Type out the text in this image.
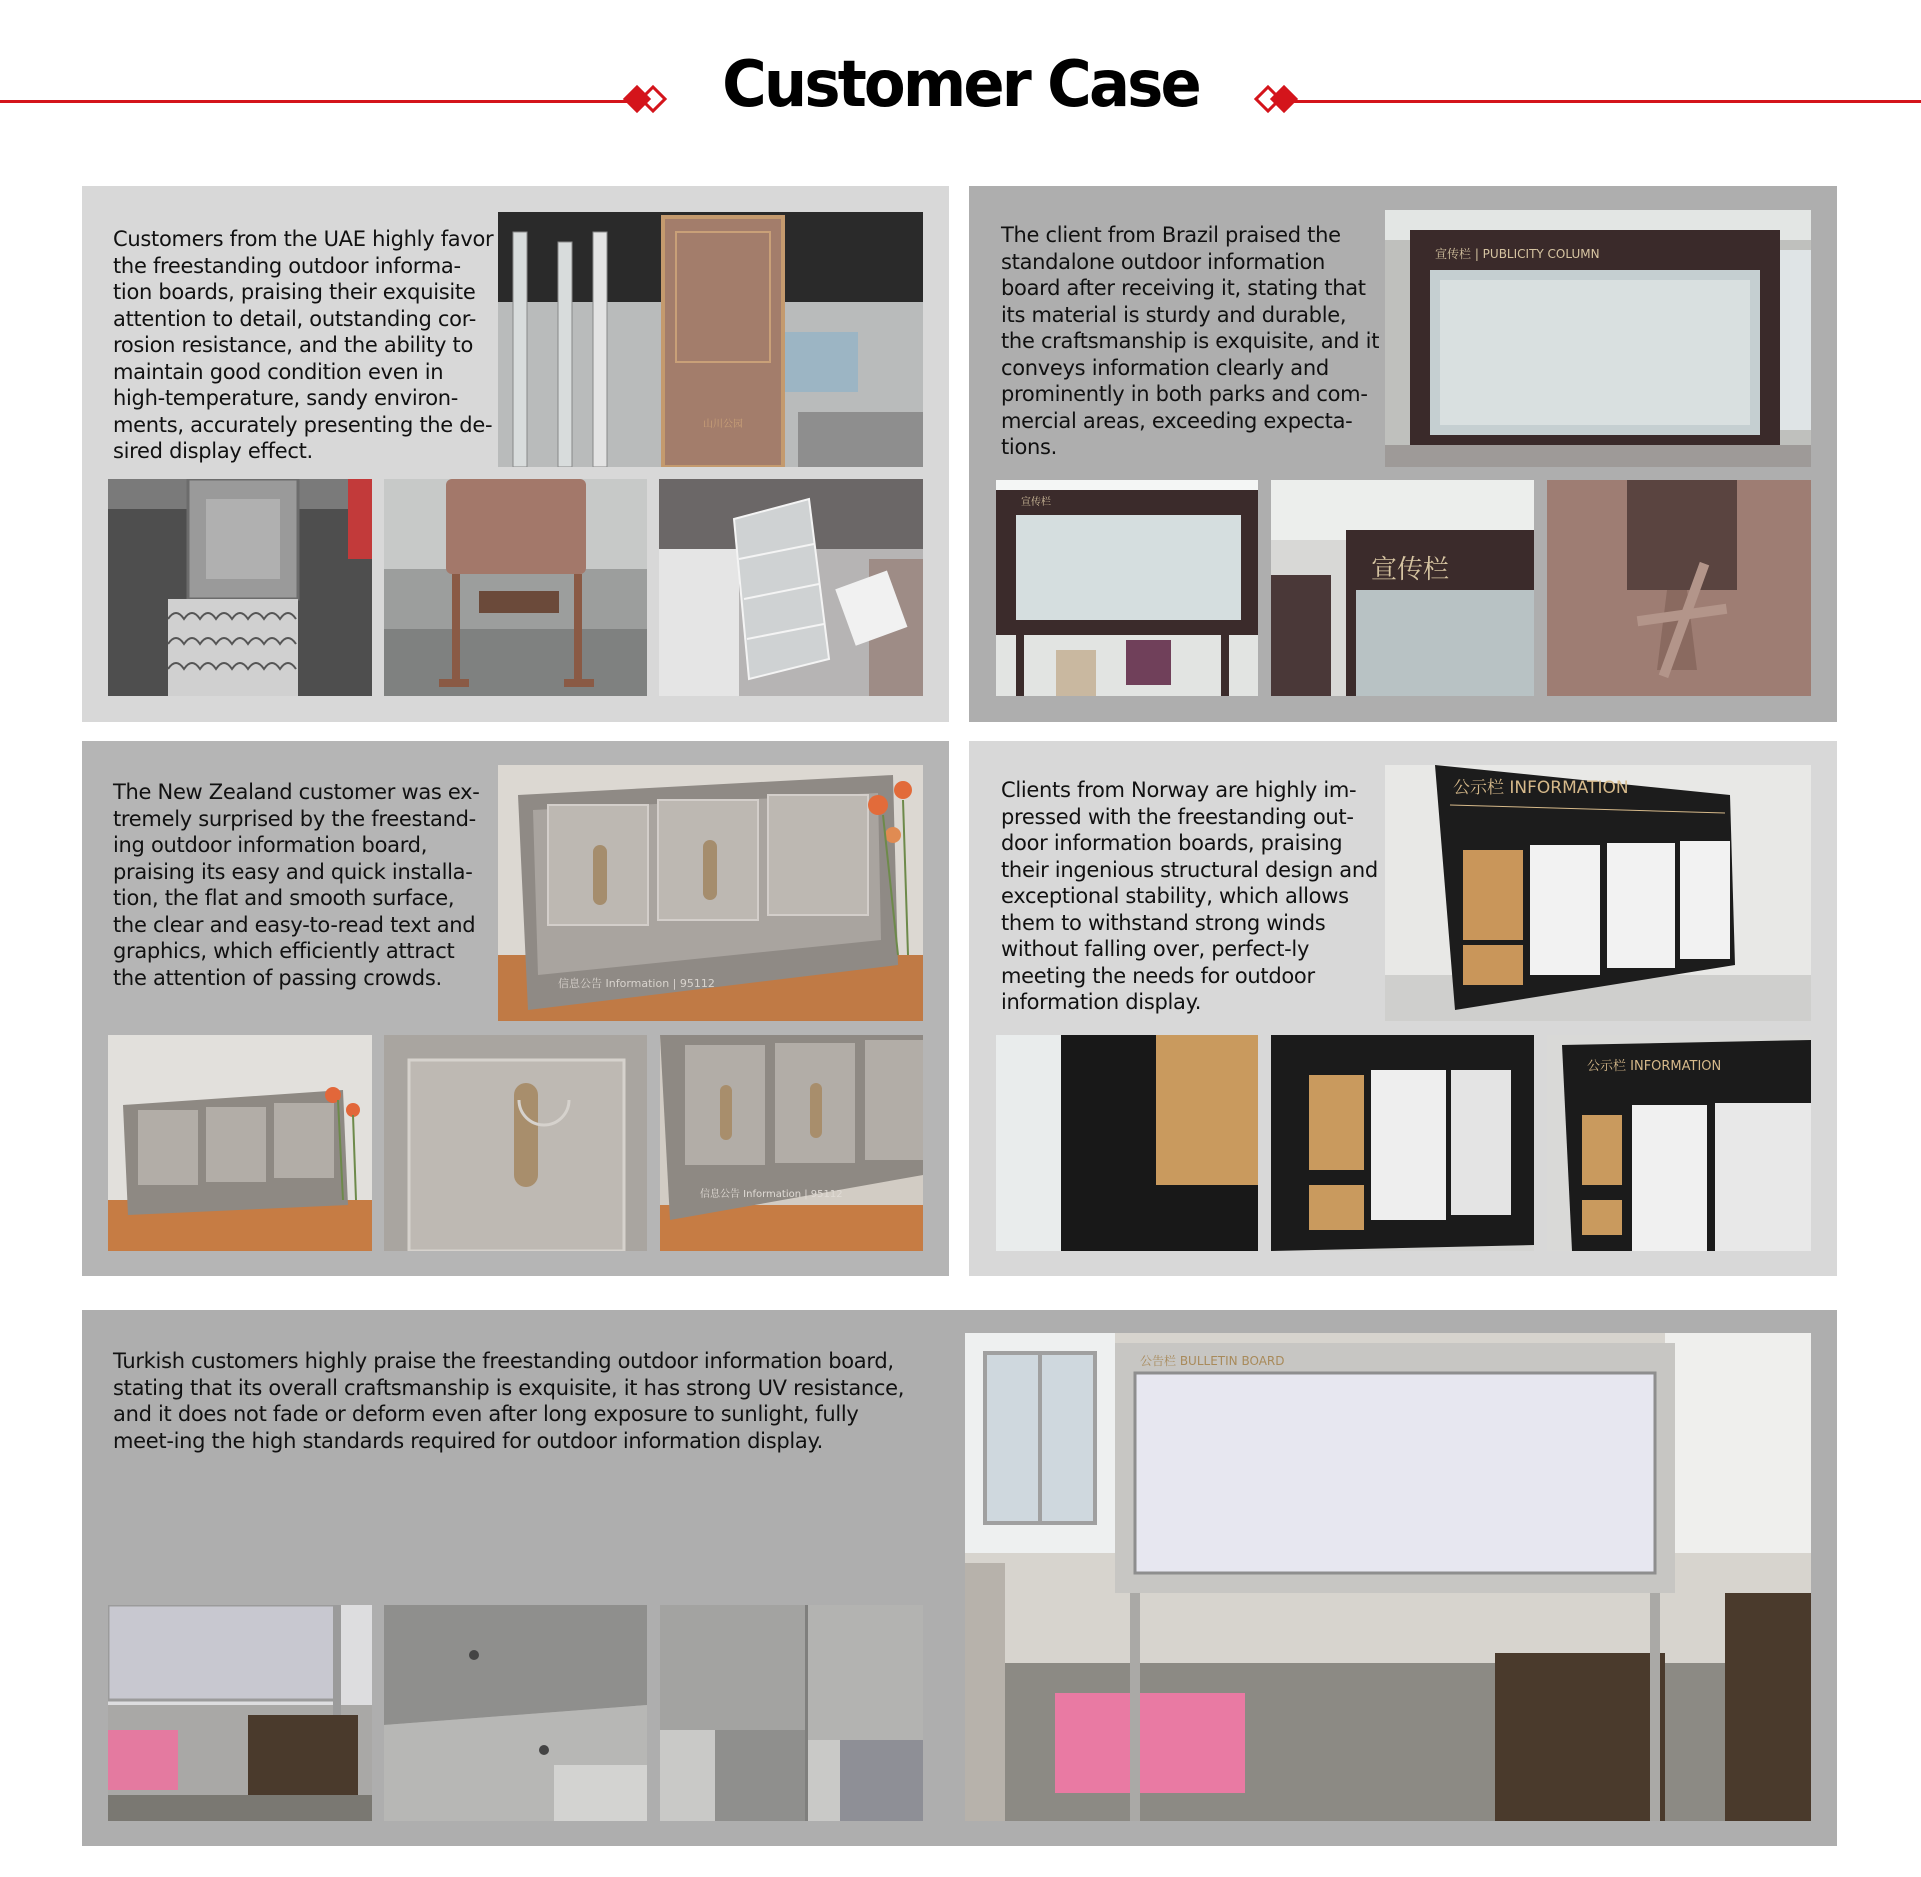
Customer Case
Customers from the UAE highly favor the freestanding outdoor informa-tion boards, praising their exquisite attention to detail, outstanding cor-rosion resistance, and the ability to maintain good condition even in high-temperature, sandy environ-ments, accurately presenting the de-sired display effect.
山川公园
The client from Brazil praised the standalone outdoor information board after receiving it, stating that its material is sturdy and durable, the craftsmanship is exquisite, and it conveys information clearly and prominently in both parks and com-mercial areas, exceeding expecta-tions.
宣传栏 | PUBLICITY COLUMN
宣传栏
宣传栏
The New Zealand customer was ex-tremely surprised by the freestand-ing outdoor information board, praising its easy and quick installa-tion, the flat and smooth surface, the clear and easy-to-read text and graphics, which efficiently attract the attention of passing crowds.	信息公告 Information | 95112
信息公告 Information | 95112
Clients from Norway are highly im-pressed with the freestanding out-door information boards, praising their ingenious structural design and exceptional stability, which allows them to withstand strong winds without falling over, perfect-ly meeting the needs for outdoor information display.
公示栏 INFORMATION
公示栏 INFORMATION
Turkish customers highly praise the freestanding outdoor information board, stating that its overall craftsmanship is exquisite, it has strong UV resistance, and it does not fade or deform even after long exposure to sunlight, fully meet-ing the high standards required for outdoor information display.
公告栏 BULLETIN BOARD
